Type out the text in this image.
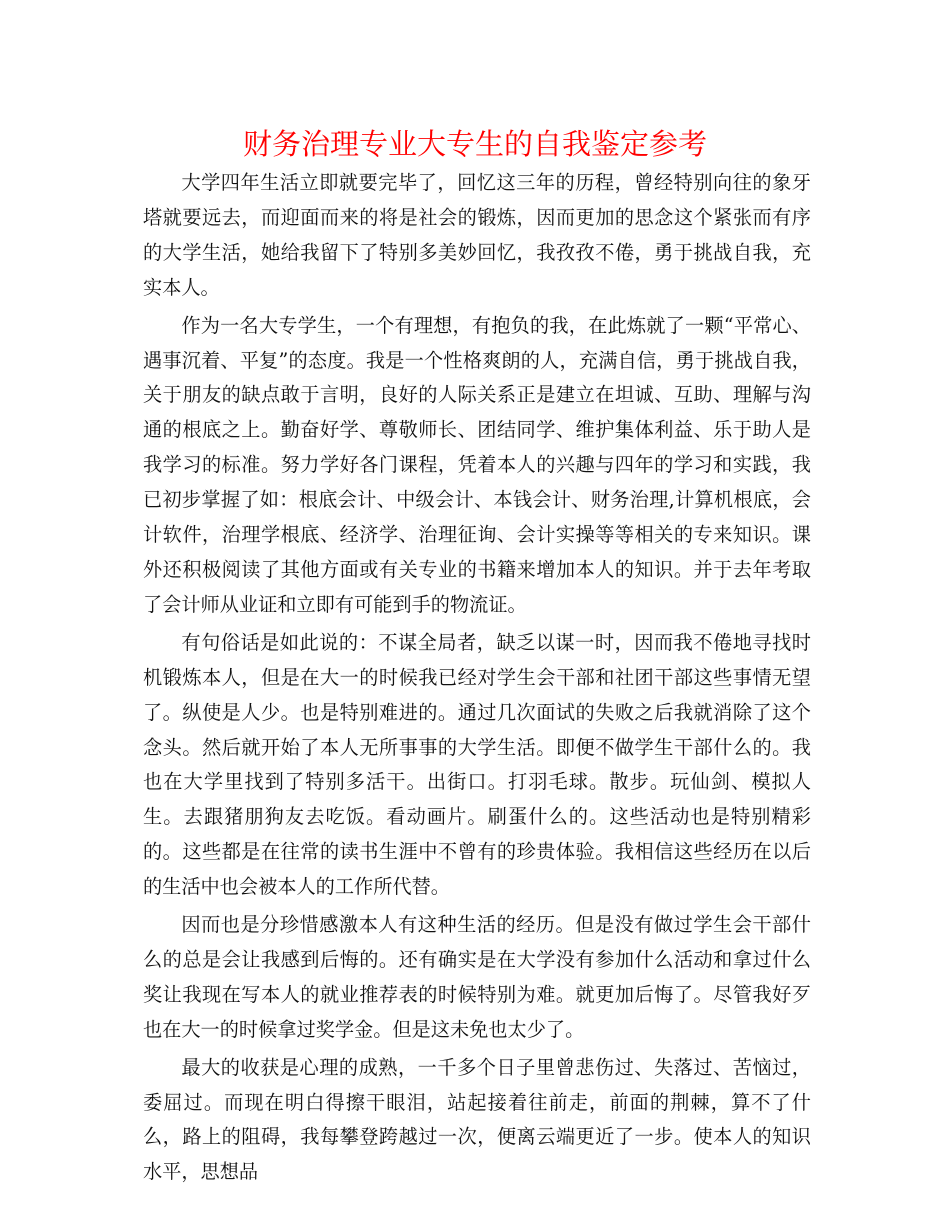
财务治理专业大专生的自我鉴定参考

大学四年生活立即就要完毕了，回忆这三年的历程，曾经特别向往的象牙塔就要远去，而迎面而来的将是社会的锻炼，因而更加的思念这个紧张而有序的大学生活，她给我留下了特别多美妙回忆，我孜孜不倦，勇于挑战自我，充实本人。

作为一名大专学生，一个有理想，有抱负的我，在此炼就了一颗“平常心、遇事沉着、平复”的态度。我是一个性格爽朗的人，充满自信，勇于挑战自我，关于朋友的缺点敢于言明，良好的人际关系正是建立在坦诚、互助、理解与沟通的根底之上。勤奋好学、尊敬师长、团结同学、维护集体利益、乐于助人是我学习的标准。努力学好各门课程，凭着本人的兴趣与四年的学习和实践，我已初步掌握了如：根底会计、中级会计、本钱会计、财务治理,计算机根底，会计软件，治理学根底、经济学、治理征询、会计实操等等相关的专来知识。课外还积极阅读了其他方面或有关专业的书籍来增加本人的知识。并于去年考取了会计师从业证和立即有可能到手的物流证。

有句俗话是如此说的：不谋全局者，缺乏以谋一时，因而我不倦地寻找时机锻炼本人，但是在大一的时候我已经对学生会干部和社团干部这些事情无望了。纵使是人少。也是特别难进的。通过几次面试的失败之后我就消除了这个念头。然后就开始了本人无所事事的大学生活。即便不做学生干部什么的。我也在大学里找到了特别多活干。出街口。打羽毛球。散步。玩仙剑、模拟人生。去跟猪朋狗友去吃饭。看动画片。刷蛋什么的。这些活动也是特别精彩的。这些都是在往常的读书生涯中不曾有的珍贵体验。我相信这些经历在以后的生活中也会被本人的工作所代替。

因而也是分珍惜感激本人有这种生活的经历。但是没有做过学生会干部什么的总是会让我感到后悔的。还有确实是在大学没有参加什么活动和拿过什么奖让我现在写本人的就业推荐表的时候特别为难。就更加后悔了。尽管我好歹也在大一的时候拿过奖学金。但是这未免也太少了。

最大的收获是心理的成熟，一千多个日子里曾悲伤过、失落过、苦恼过，委屈过。而现在明白得擦干眼泪，站起接着往前走，前面的荆棘，算不了什么，路上的阻碍，我每攀登跨越过一次，便离云端更近了一步。使本人的知识水平，思想品
